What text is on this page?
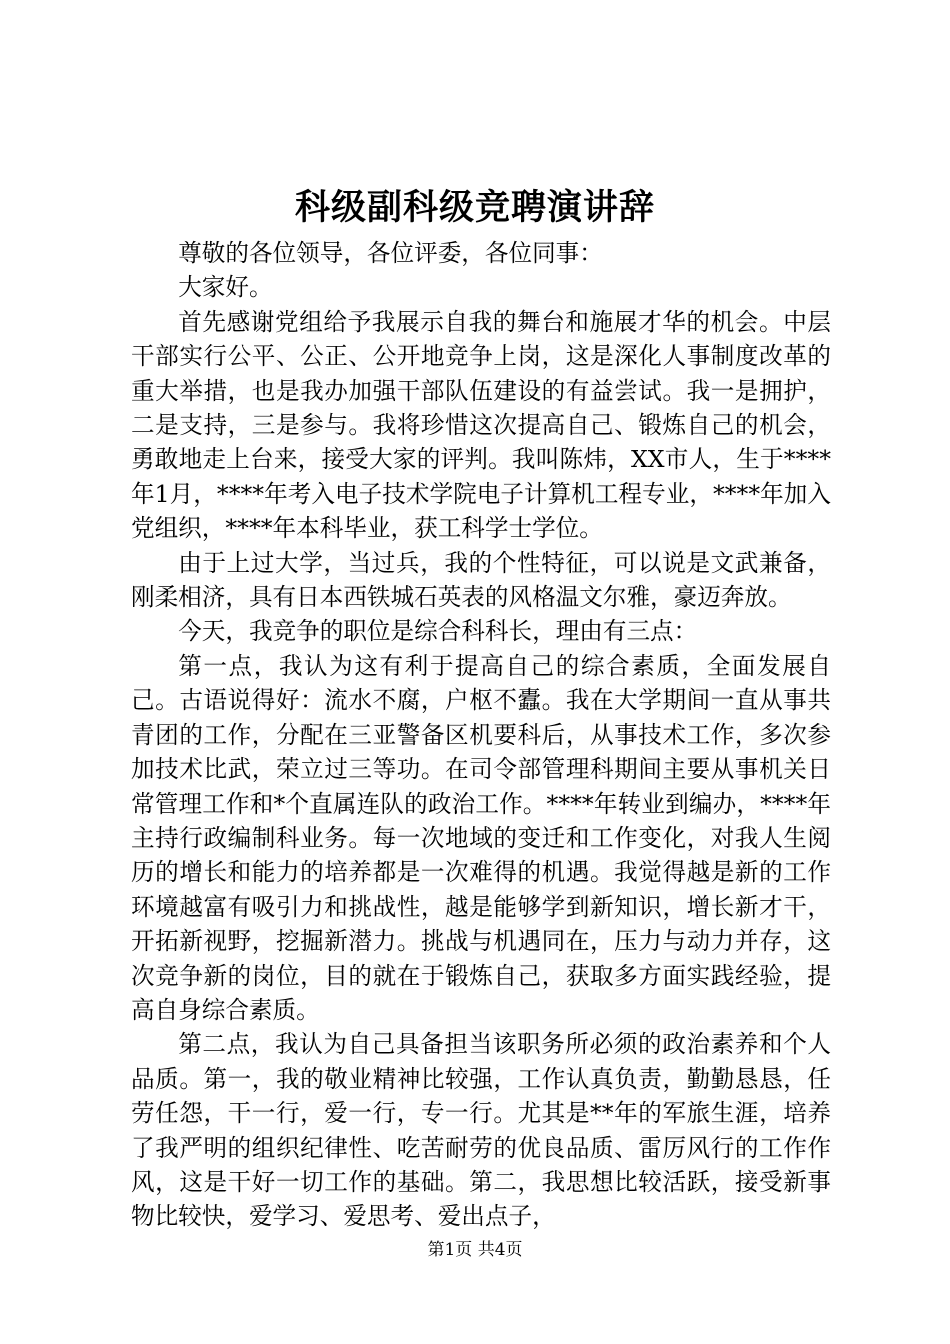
科级副科级竞聘演讲辞

尊敬的各位领导，各位评委，各位同事：

大家好。

首先感谢党组给予我展示自我的舞台和施展才华的机会。中层干部实行公平、公正、公开地竞争上岗，这是深化人事制度改革的重大举措，也是我办加强干部队伍建设的有益尝试。我一是拥护，二是支持，三是参与。我将珍惜这次提高自己、锻炼自己的机会，勇敢地走上台来，接受大家的评判。我叫陈炜，XX市人，生于****年1月，****年考入电子技术学院电子计算机工程专业，****年加入党组织，****年本科毕业，获工科学士学位。

由于上过大学，当过兵，我的个性特征，可以说是文武兼备，刚柔相济，具有日本西铁城石英表的风格温文尔雅，豪迈奔放。

今天，我竞争的职位是综合科科长，理由有三点：

第一点，我认为这有利于提高自己的综合素质，全面发展自己。古语说得好：流水不腐，户枢不蠹。我在大学期间一直从事共青团的工作，分配在三亚警备区机要科后，从事技术工作，多次参加技术比武，荣立过三等功。在司令部管理科期间主要从事机关日常管理工作和*个直属连队的政治工作。****年转业到编办，****年主持行政编制科业务。每一次地域的变迁和工作变化，对我人生阅历的增长和能力的培养都是一次难得的机遇。我觉得越是新的工作环境越富有吸引力和挑战性，越是能够学到新知识，增长新才干，开拓新视野，挖掘新潜力。挑战与机遇同在，压力与动力并存，这次竞争新的岗位，目的就在于锻炼自己，获取多方面实践经验，提高自身综合素质。

第二点，我认为自己具备担当该职务所必须的政治素养和个人品质。第一，我的敬业精神比较强，工作认真负责，勤勤恳恳，任劳任怨，干一行，爱一行，专一行。尤其是**年的军旅生涯，培养了我严明的组织纪律性、吃苦耐劳的优良品质、雷厉风行的工作作风，这是干好一切工作的基础。第二，我思想比较活跃，接受新事物比较快，爱学习、爱思考、爱出点子，

第1页 共4页
